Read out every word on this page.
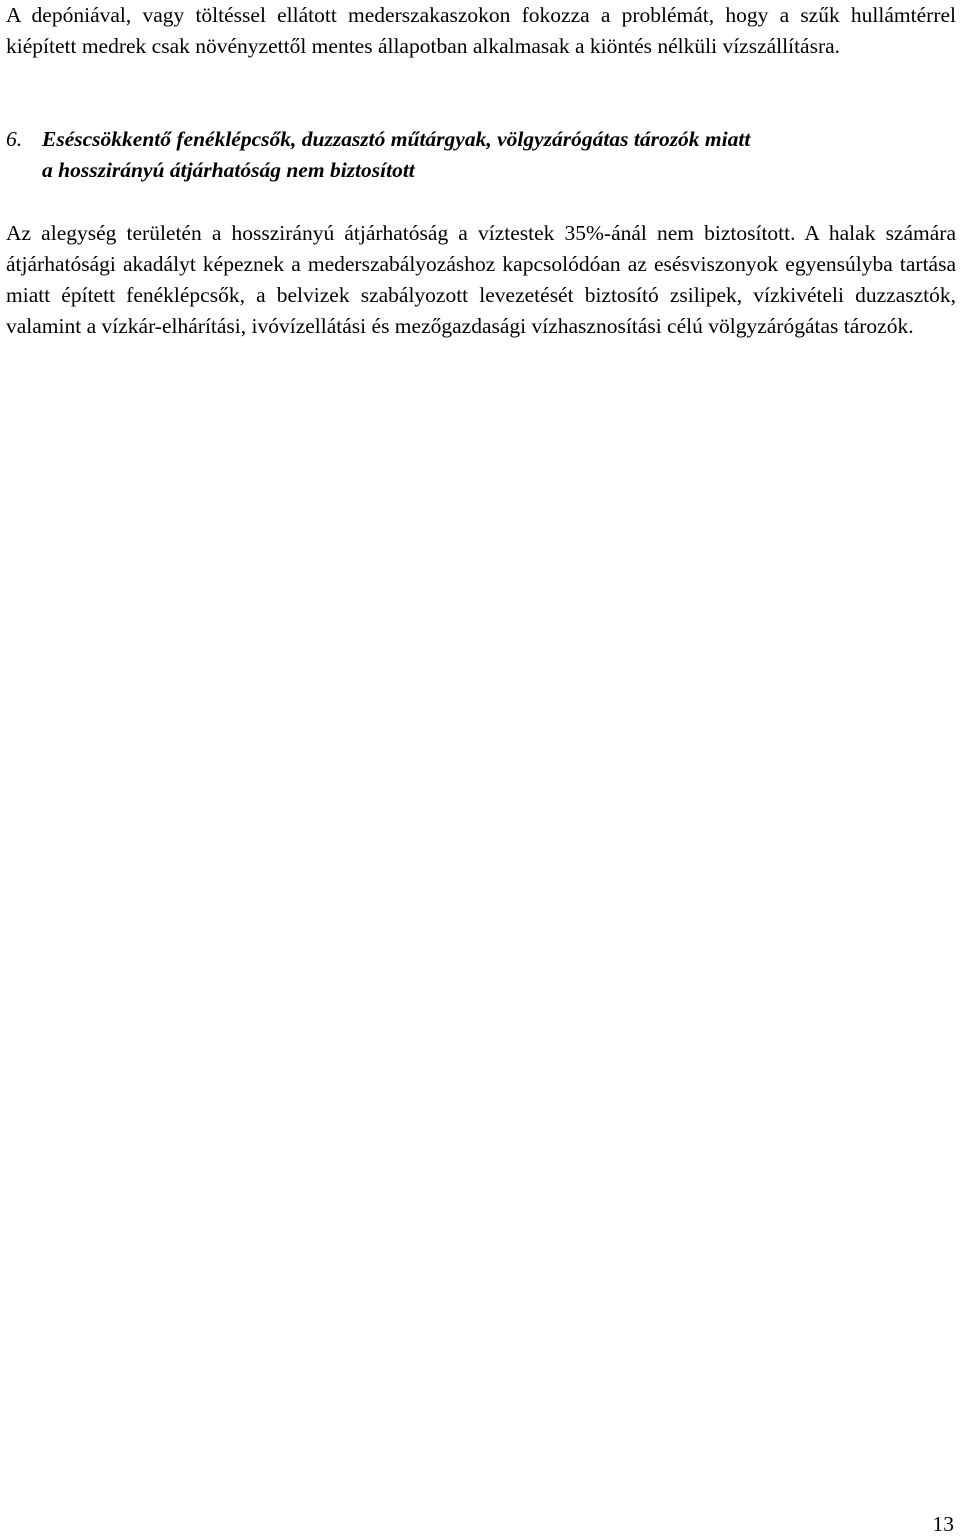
A depóniával, vagy töltéssel ellátott mederszakaszokon fokozza a problémát, hogy a szűk hullámtérrel kiépített medrek csak növényzettől mentes állapotban alkalmasak a kiöntés nélküli vízszállításra.

6. Eséscsökkentő fenéklépcsők, duzzasztó műtárgyak, völgyzárógátas tározók miatt
a hosszirányú átjárhatóság nem biztosított

Az alegység területén a hosszirányú átjárhatóság a víztestek 35%-ánál nem biztosított. A halak számára átjárhatósági akadályt képeznek a mederszabályozáshoz kapcsolódóan az esésviszonyok egyensúlyba tartása miatt épített fenéklépcsők, a belvizek szabályozott levezetését biztosító zsilipek, vízkivételi duzzasztók, valamint a vízkár-elhárítási, ivóvízellátási és mezőgazdasági vízhasznosítási célú völgyzárógátas tározók.

13
